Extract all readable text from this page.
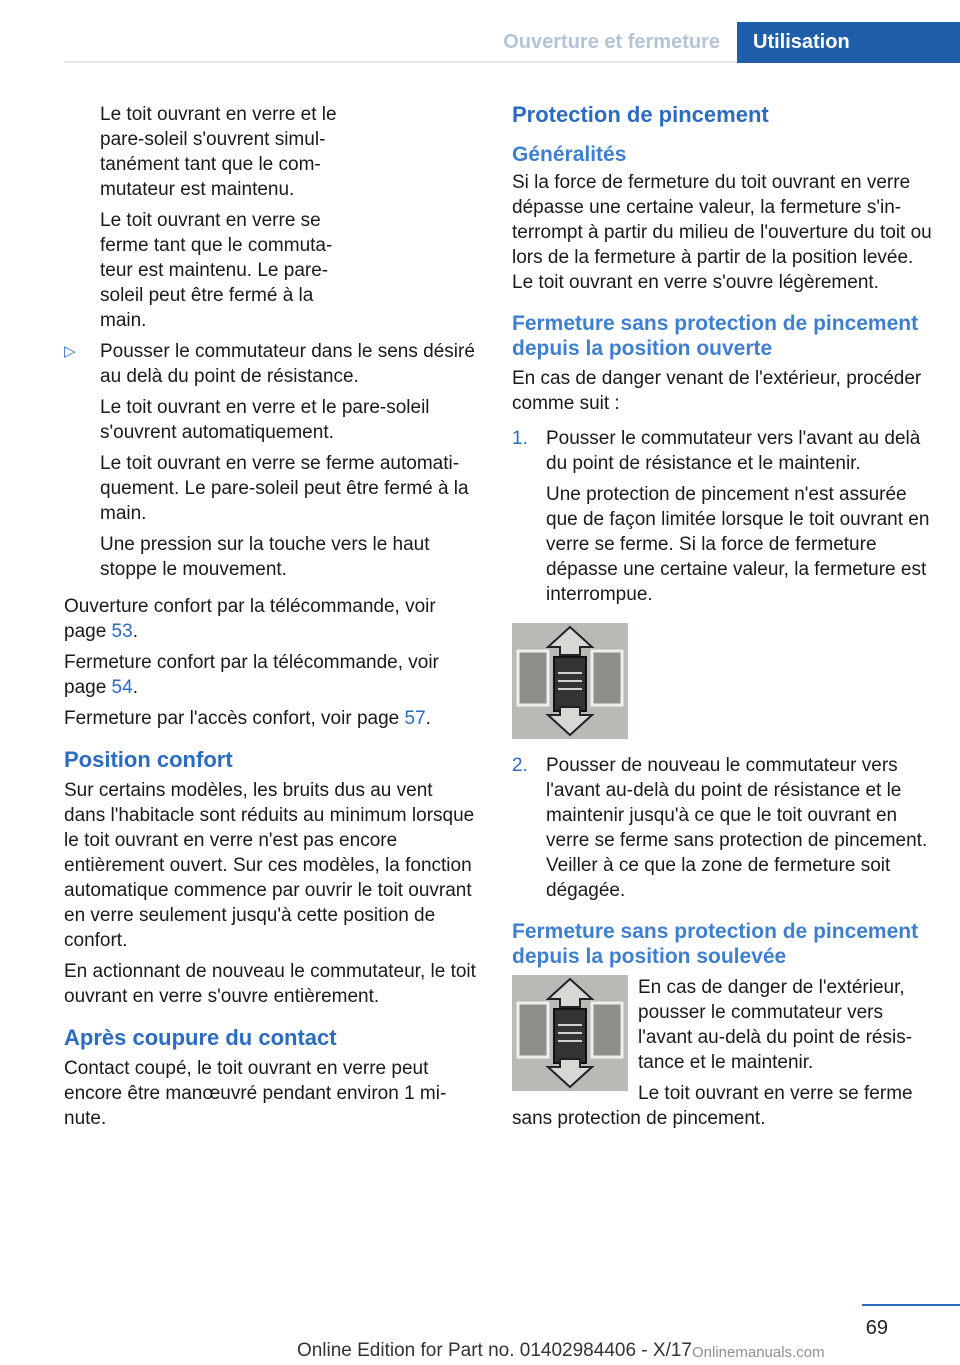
Ouverture et fermeture Utilisation

Le toit ouvrant en verre et le pare-soleil s'ouvrent simultanément tant que le commutateur est maintenu.

Le toit ouvrant en verre se ferme tant que le commutateur est maintenu. Le pare-soleil peut être fermé à la main.

▷ Pousser le commutateur dans le sens désiré au delà du point de résistance.

Le toit ouvrant en verre et le pare-soleil s'ouvrent automatiquement.

Le toit ouvrant en verre se ferme automatiquement. Le pare-soleil peut être fermé à la main.

Une pression sur la touche vers le haut stoppe le mouvement.

Ouverture confort par la télécommande, voir page 53.

Fermeture confort par la télécommande, voir page 54.

Fermeture par l'accès confort, voir page 57.

Position confort

Sur certains modèles, les bruits dus au vent dans l'habitacle sont réduits au minimum lorsque le toit ouvrant en verre n'est pas encore entièrement ouvert. Sur ces modèles, la fonction automatique commence par ouvrir le toit ouvrant en verre seulement jusqu'à cette position de confort.

En actionnant de nouveau le commutateur, le toit ouvrant en verre s'ouvre entièrement.

Après coupure du contact

Contact coupé, le toit ouvrant en verre peut encore être manœuvré pendant environ 1 minute.

Protection de pincement
Généralités

Si la force de fermeture du toit ouvrant en verre dépasse une certaine valeur, la fermeture s'interrompt à partir du milieu de l'ouverture du toit ou lors de la fermeture à partir de la position levée. Le toit ouvrant en verre s'ouvre légèrement.

Fermeture sans protection de pincement depuis la position ouverte

En cas de danger venant de l'extérieur, procéder comme suit :

1. Pousser le commutateur vers l'avant au delà du point de résistance et le maintenir.

Une protection de pincement n'est assurée que de façon limitée lorsque le toit ouvrant en verre se ferme. Si la force de fermeture dépasse une certaine valeur, la fermeture est interrompue.

2. Pousser de nouveau le commutateur vers l'avant au-delà du point de résistance et le maintenir jusqu'à ce que le toit ouvrant en verre se ferme sans protection de pincement. Veiller à ce que la zone de fermeture soit dégagée.
Fermeture sans protection de pincement depuis la position soulevée

En cas de danger de l'extérieur, pousser le commutateur vers l'avant au-delà du point de résistance et le maintenir.

Le toit ouvrant en verre se ferme sans protection de pincement.

69
Online Edition for Part no. 01402984406 - X/17 Onlinemanuals.com
